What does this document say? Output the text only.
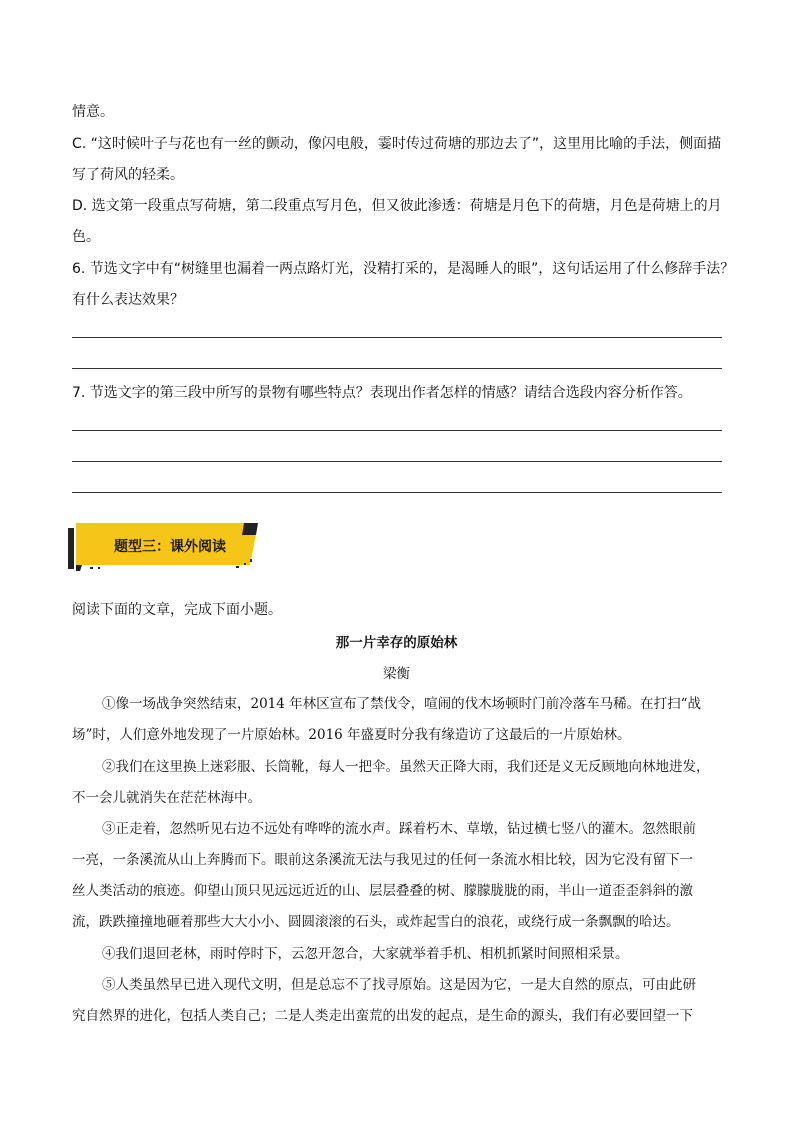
情意。
C. “这时候叶子与花也有一丝的颤动，像闪电般，霎时传过荷塘的那边去了”，这里用比喻的手法，侧面描
写了荷风的轻柔。
D. 选文第一段重点写荷塘，第二段重点写月色，但又彼此渗透：荷塘是月色下的荷塘，月色是荷塘上的月
色。
6. 节选文字中有“树缝里也漏着一两点路灯光，没精打采的，是渴睡人的眼”，这句话运用了什么修辞手法？
有什么表达效果？
7. 节选文字的第三段中所写的景物有哪些特点？表现出作者怎样的情感？请结合选段内容分析作答。
题型三：课外阅读
阅读下面的文章，完成下面小题。
那一片幸存的原始林
梁衡
①像一场战争突然结束，2014 年林区宣布了禁伐令，喧闹的伐木场顿时门前冷落车马稀。在打扫“战
场”时，人们意外地发现了一片原始林。2016 年盛夏时分我有缘造访了这最后的一片原始林。
②我们在这里换上迷彩服、长筒靴，每人一把伞。虽然天正降大雨，我们还是义无反顾地向林地进发，
不一会儿就消失在茫茫林海中。
③正走着，忽然听见右边不远处有哗哗的流水声。踩着朽木、草墩，钻过横七竖八的灌木。忽然眼前
一亮，一条溪流从山上奔腾而下。眼前这条溪流无法与我见过的任何一条流水相比较，因为它没有留下一
丝人类活动的痕迹。仰望山顶只见远远近近的山、层层叠叠的树、朦朦胧胧的雨，半山一道歪歪斜斜的激
流，跌跌撞撞地砸着那些大大小小、圆圆滚滚的石头，或炸起雪白的浪花，或绕行成一条飘飘的哈达。
④我们退回老林，雨时停时下，云忽开忽合，大家就举着手机、相机抓紧时间照相采景。
⑤人类虽然早已进入现代文明，但是总忘不了找寻原始。这是因为它，一是大自然的原点，可由此研
究自然界的进化，包括人类自己；二是人类走出蛮荒的出发的起点，是生命的源头，我们有必要回望一下
